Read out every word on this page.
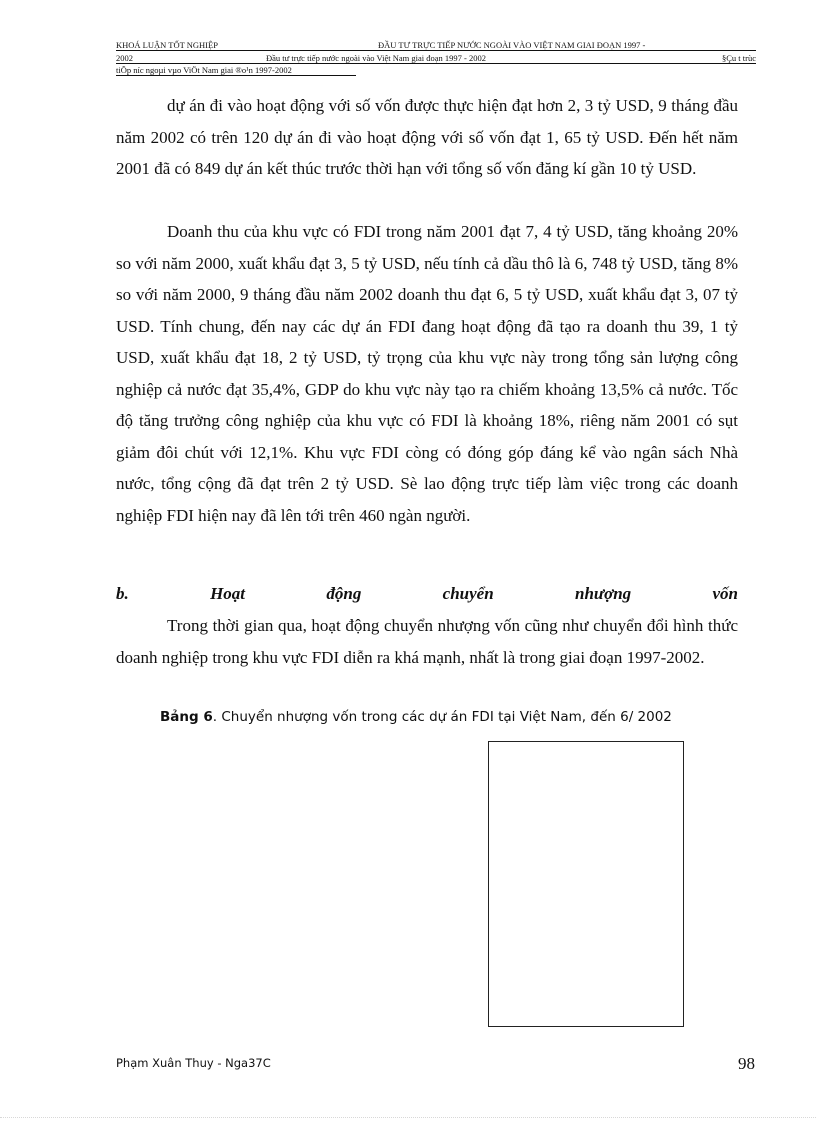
KHOÁ LUẬN TỐT NGHIỆP	ĐẦU TƯ TRỰC TIẾP NƯỚC NGOÀI VÀO VIỆT NAM GIAI ĐOẠN 1997 -
2002	Đầu tư trực tiếp nước ngoài vào Việt Nam giai đoạn 1997 - 2002	§Çu t trùc
tiÕp níc ngoµi vµo ViÖt Nam giai ®o¹n 1997-2002

dự án đi vào hoạt động với số vốn được thực hiện đạt hơn 2, 3 tỷ USD, 9 tháng đầu năm 2002 có trên 120 dự án đi vào hoạt động với số vốn đạt 1, 65 tỷ USD. Đến hết năm 2001 đã có 849 dự án kết thúc trước thời hạn với tổng số vốn đăng kí gần 10 tỷ USD.

Doanh thu của khu vực có FDI trong năm 2001 đạt 7, 4 tỷ USD, tăng khoảng 20% so với năm 2000, xuất khẩu đạt 3, 5 tỷ USD, nếu tính cả dầu thô là 6, 748 tỷ USD, tăng 8% so với năm 2000, 9 tháng đầu năm 2002 doanh thu đạt 6, 5 tỷ USD, xuất khẩu đạt 3, 07 tỷ USD. Tính chung, đến nay các dự án FDI đang hoạt động đã tạo ra doanh thu 39, 1 tỷ USD, xuất khẩu đạt 18, 2 tỷ USD, tỷ trọng của khu vực này trong tổng sản lượng công nghiệp cả nước đạt 35,4%, GDP do khu vực này tạo ra chiếm khoảng 13,5% cả nước. Tốc độ tăng trưởng công nghiệp của khu vực có FDI là khoảng 18%, riêng năm 2001 có sụt giảm đôi chút với 12,1%. Khu vực FDI còng có đóng góp đáng kể vào ngân sách Nhà nước, tổng cộng đã đạt trên 2 tỷ USD. Sè lao động trực tiếp làm việc trong các doanh nghiệp FDI hiện nay đã lên tới trên 460 ngàn người.

b.	Hoạt	động	chuyển	nhượng	vốn

Trong thời gian qua, hoạt động chuyển nhượng vốn cũng như chuyển đổi hình thức doanh nghiệp trong khu vực FDI diễn ra khá mạnh, nhất là trong giai đoạn 1997-2002.

Bảng 6. Chuyển nhượng vốn trong các dự án FDI tại Việt Nam, đến 6/ 2002
Phạm Xuân Thuy - Nga37C	98
